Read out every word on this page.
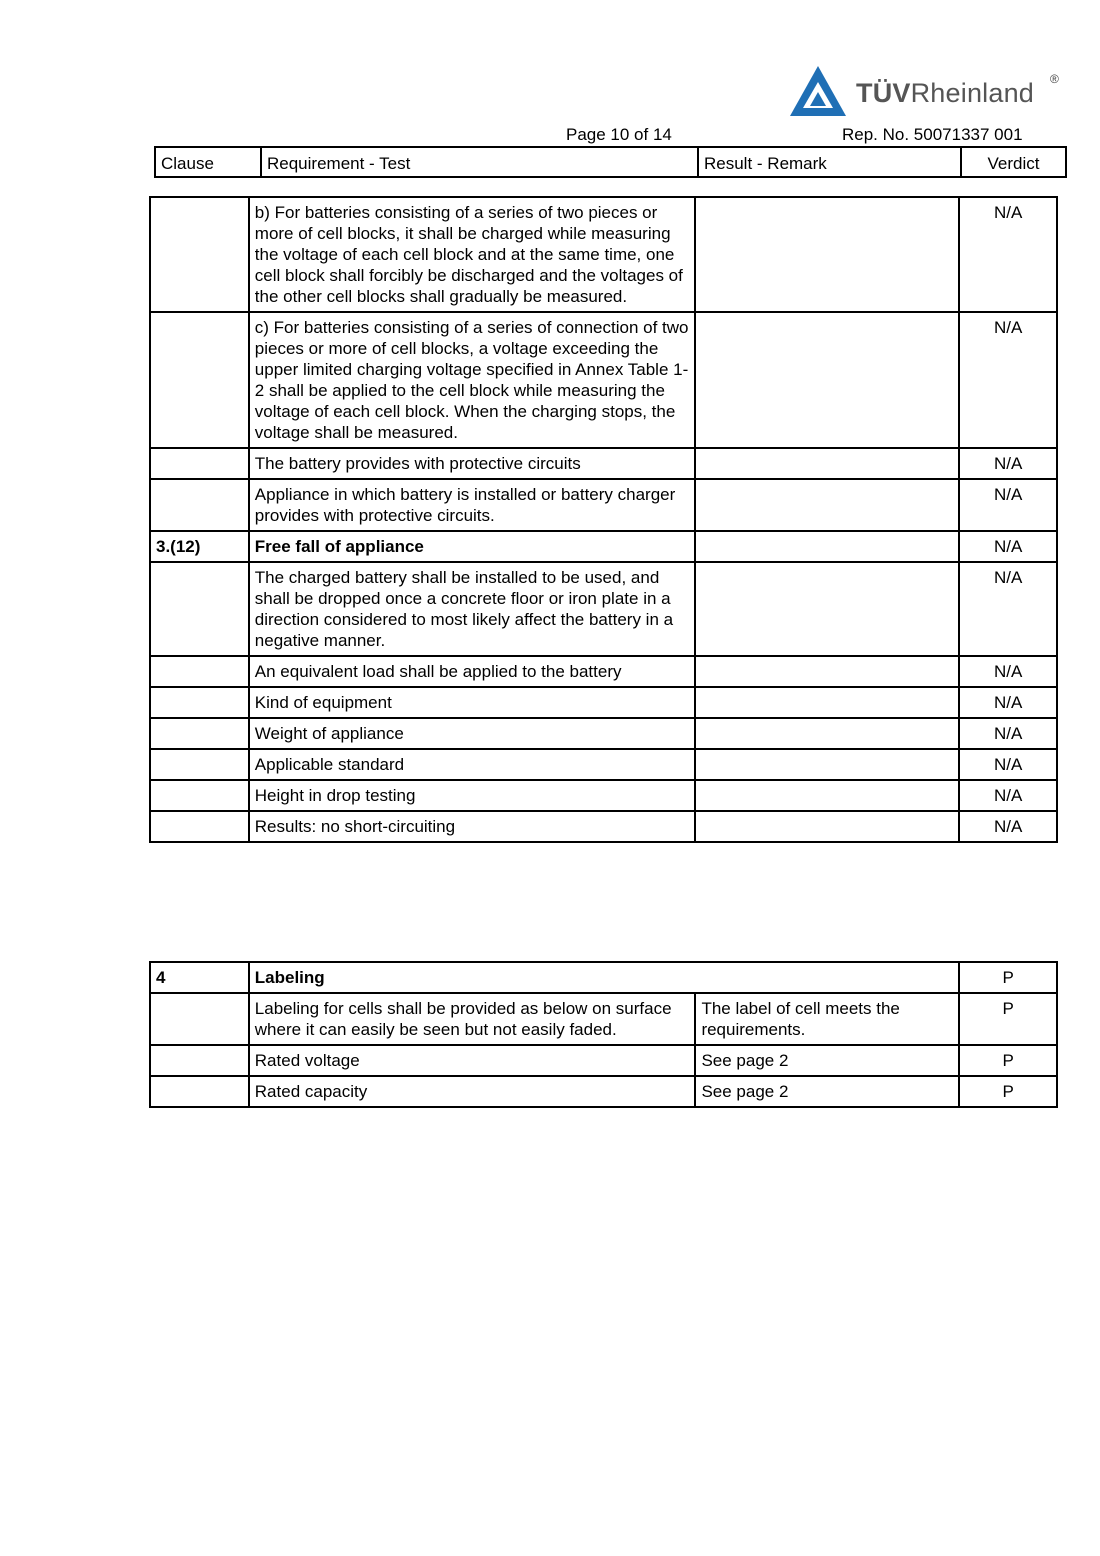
TÜVRheinland ®
Page 10 of 14	Rep. No. 50071337 001
Clause	Requirement - Test	Result - Remark	Verdict
	b) For batteries consisting of a series of two pieces or more of cell blocks, it shall be charged while measuring the voltage of each cell block and at the same time, one cell block shall forcibly be discharged and the voltages of the other cell blocks shall gradually be measured.		N/A
	c) For batteries consisting of a series of connection of two pieces or more of cell blocks, a voltage exceeding the upper limited charging voltage specified in Annex Table 1-2 shall be applied to the cell block while measuring the voltage of each cell block. When the charging stops, the voltage shall be measured.		N/A
	The battery provides with protective circuits		N/A
	Appliance in which battery is installed or battery charger provides with protective circuits.		N/A
3.(12)	Free fall of appliance		N/A
	The charged battery shall be installed to be used, and shall be dropped once a concrete floor or iron plate in a direction considered to most likely affect the battery in a negative manner.		N/A
	An equivalent load shall be applied to the battery		N/A
	Kind of equipment		N/A
	Weight of appliance		N/A
	Applicable standard		N/A
	Height in drop testing		N/A
	Results: no short-circuiting		N/A
4	Labeling		P
	Labeling for cells shall be provided as below on surface where it can easily be seen but not easily faded.	The label of cell meets the requirements.	P
	Rated voltage	See page 2	P
	Rated capacity	See page 2	P
